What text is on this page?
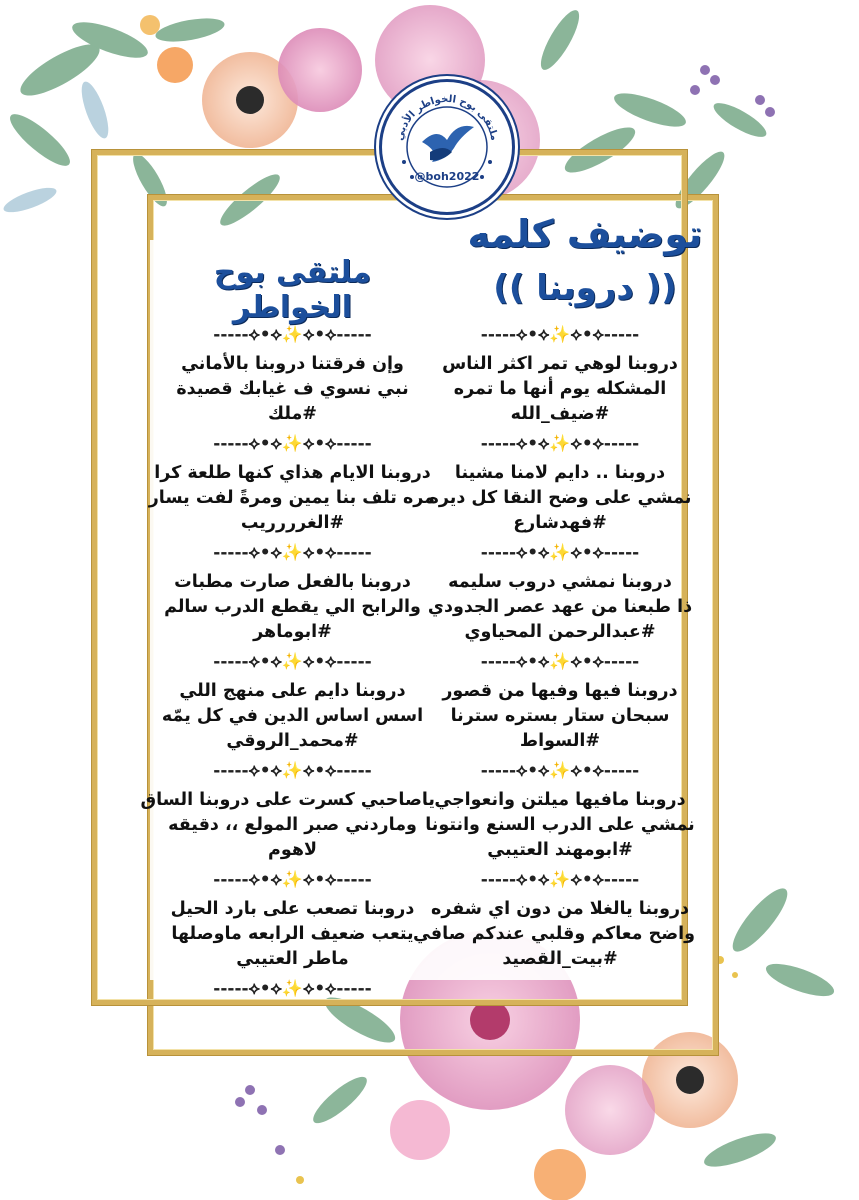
ملتقى بوح الخواطر الأدبي
@boh2022
توضيف كلمه
(( دروبنا ))
ملتقى بوح الخواطر
-----⟡•⟡✨⟡•⟡-----
دروبنا لوهي تمر اكثر الناس
المشكله يوم أنها ما تمره
#ضيف_الله
-----⟡•⟡✨⟡•⟡-----
دروبنا .. دايم لامنا مشينا
نمشي على وضح النقا كل ديره
#فهدشارع
-----⟡•⟡✨⟡•⟡-----
دروبنا نمشي دروب سليمه
ذا طبعنا من عهد عصر الجدودي
#عبدالرحمن المحياوي
-----⟡•⟡✨⟡•⟡-----
دروبنا فيها وفيها من قصور
سبحان ستار بستره سترنا
#السواط
-----⟡•⟡✨⟡•⟡-----
دروبنا مافيها ميلتن وانعواجي
نمشي على الدرب السنع وانتونا
#ابومهند العتيبي
-----⟡•⟡✨⟡•⟡-----
دروبنا يالغلا من دون اي شفره
واضح معاكم وقلبي عندكم صافي
#بيت_القصيد
-----⟡•⟡✨⟡•⟡-----
وإن فرقتنا دروبنا بالأماني
نبي نسوي ف غيابك قصيدة
#ملك
-----⟡•⟡✨⟡•⟡-----
دروبنا الايام هذاي كنها طلعة كرا
مره تلف بنا يمين ومرةً لفت يسار
#الغرررريب
-----⟡•⟡✨⟡•⟡-----
دروبنا بالفعل صارت مطبات
والرابح الي يقطع الدرب سالم
#ابوماهر
-----⟡•⟡✨⟡•⟡-----
دروبنا دايم على منهج اللي
اسس اساس الدين في كل يمّه
#محمد_الروقي
-----⟡•⟡✨⟡•⟡-----
ياصاحبي كسرت على دروبنا الساق
وماردني صبر المولع ،، دقيقه
لاهوم
-----⟡•⟡✨⟡•⟡-----
دروبنا تصعب على بارد الحيل
يتعب ضعيف الرابعه ماوصلها
ماطر العتيبي
-----⟡•⟡✨⟡•⟡-----
